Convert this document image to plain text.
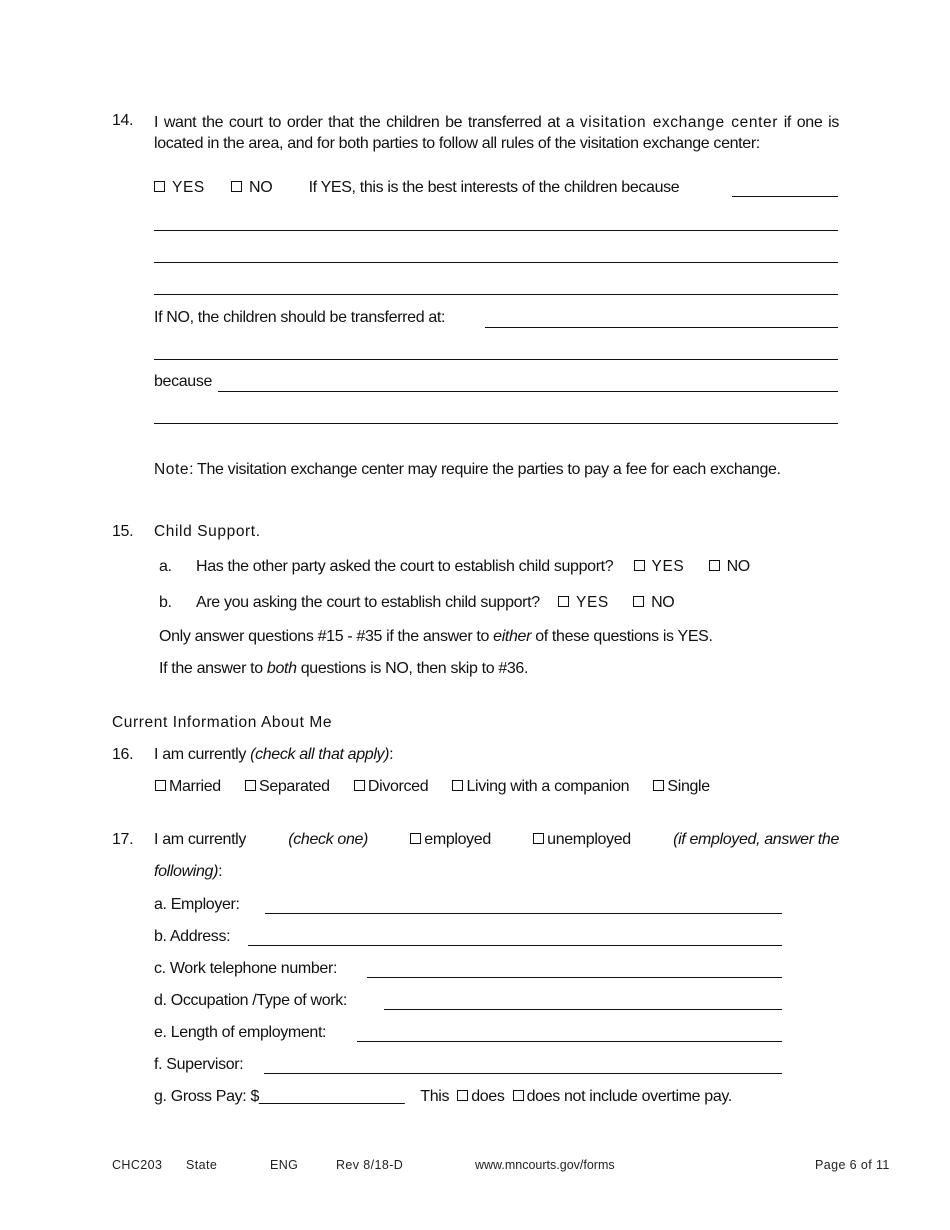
14. I want the court to order that the children be transferred at a visitation exchange center if one is located in the area, and for both parties to follow all rules of the visitation exchange center:
YES	NO If YES, this is the best interests of the children because
If NO, the children should be transferred at:
because
Note: The visitation exchange center may require the parties to pay a fee for each exchange.
15. Child Support.
a. Has the other party asked the court to establish child support? YES	NO
b. Are you asking the court to establish child support? YES	NO
Only answer questions #15 - #35 if the answer to either of these questions is YES.
If the answer to both questions is NO, then skip to #36.
Current Information About Me
16. I am currently (check all that apply):
Married Separated Divorced Living with a companion Single
17. I am currently	(check one)	employed	unemployed	(if employed, answer the
following):
a. Employer:
b. Address:
c. Work telephone number:
d. Occupation /Type of work:
e. Length of employment:
f. Supervisor:
g. Gross Pay: $_________________ This does does not include overtime pay.
CHC203 State	ENG	Rev 8/18-D	www.mncourts.gov/forms	Page 6 of 11
